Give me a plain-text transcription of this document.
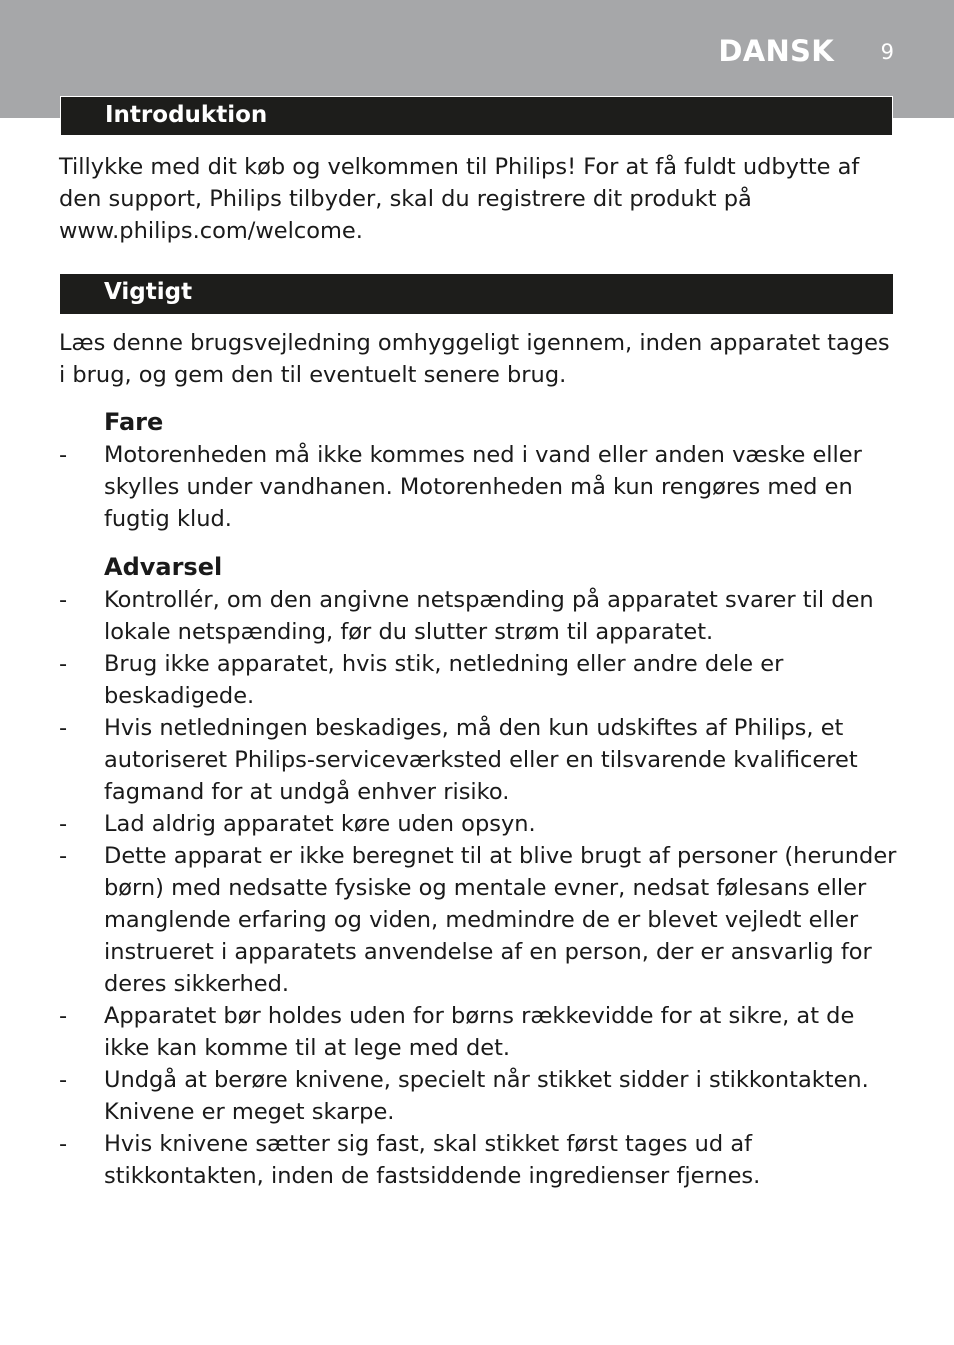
DANSK 9
Introduktion

Tillykke med dit køb og velkommen til Philips! For at få fuldt udbytte af den support, Philips tilbyder, skal du registrere dit produkt på www.philips.com/welcome.

Vigtigt

Læs denne brugsvejledning omhyggeligt igennem, inden apparatet tages i brug, og gem den til eventuelt senere brug.

Fare
- Motorenheden må ikke kommes ned i vand eller anden væske eller skylles under vandhanen. Motorenheden må kun rengøres med en fugtig klud.
Advarsel
- Kontrollér, om den angivne netspænding på apparatet svarer til den lokale netspænding, før du slutter strøm til apparatet.
- Brug ikke apparatet, hvis stik, netledning eller andre dele er beskadigede.
- Hvis netledningen beskadiges, må den kun udskiftes af Philips, et autoriseret Philips-serviceværksted eller en tilsvarende kvalificeret fagmand for at undgå enhver risiko.
- Lad aldrig apparatet køre uden opsyn.
- Dette apparat er ikke beregnet til at blive brugt af personer (herunder børn) med nedsatte fysiske og mentale evner, nedsat følesans eller manglende erfaring og viden, medmindre de er blevet vejledt eller instrueret i apparatets anvendelse af en person, der er ansvarlig for deres sikkerhed.
- Apparatet bør holdes uden for børns rækkevidde for at sikre, at de ikke kan komme til at lege med det.
- Undgå at berøre knivene, specielt når stikket sidder i stikkontakten. Knivene er meget skarpe.
- Hvis knivene sætter sig fast, skal stikket først tages ud af stikkontakten, inden de fastsiddende ingredienser fjernes.
